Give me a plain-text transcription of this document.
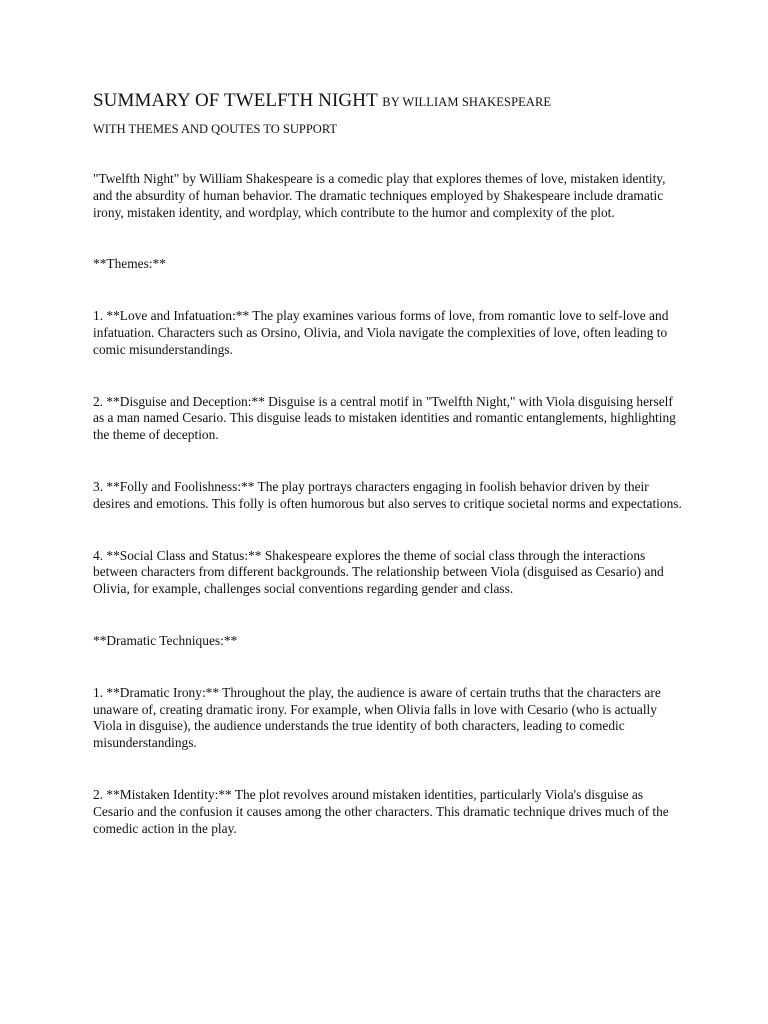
SUMMARY OF TWELFTH NIGHT BY WILLIAM SHAKESPEARE

WITH THEMES AND QOUTES TO SUPPORT

"Twelfth Night" by William Shakespeare is a comedic play that explores themes of love, mistaken identity, and the absurdity of human behavior. The dramatic techniques employed by Shakespeare include dramatic irony, mistaken identity, and wordplay, which contribute to the humor and complexity of the plot.

**Themes:**

1. **Love and Infatuation:** The play examines various forms of love, from romantic love to self-love and infatuation. Characters such as Orsino, Olivia, and Viola navigate the complexities of love, often leading to comic misunderstandings.

2. **Disguise and Deception:** Disguise is a central motif in "Twelfth Night," with Viola disguising herself as a man named Cesario. This disguise leads to mistaken identities and romantic entanglements, highlighting the theme of deception.

3. **Folly and Foolishness:** The play portrays characters engaging in foolish behavior driven by their desires and emotions. This folly is often humorous but also serves to critique societal norms and expectations.

4. **Social Class and Status:** Shakespeare explores the theme of social class through the interactions between characters from different backgrounds. The relationship between Viola (disguised as Cesario) and Olivia, for example, challenges social conventions regarding gender and class.

**Dramatic Techniques:**

1. **Dramatic Irony:** Throughout the play, the audience is aware of certain truths that the characters are unaware of, creating dramatic irony. For example, when Olivia falls in love with Cesario (who is actually Viola in disguise), the audience understands the true identity of both characters, leading to comedic misunderstandings.

2. **Mistaken Identity:** The plot revolves around mistaken identities, particularly Viola's disguise as Cesario and the confusion it causes among the other characters. This dramatic technique drives much of the comedic action in the play.
